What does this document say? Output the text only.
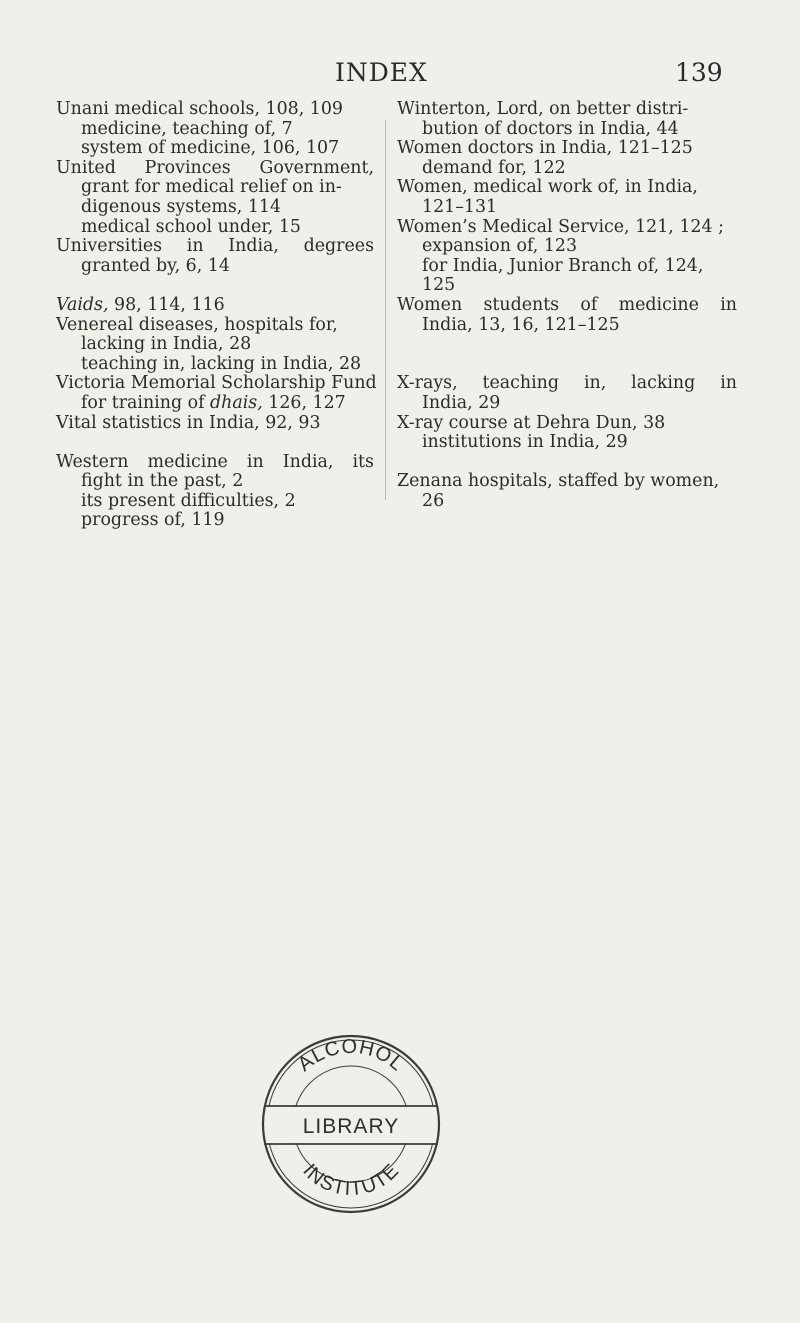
INDEX	139
Unani medical schools, 108, 109
medicine, teaching of, 7
system of medicine, 106, 107
United Provinces Government,
grant for medical relief on in-
digenous systems, 114
medical school under, 15
Universities in India, degrees
granted by, 6, 14
Vaids, 98, 114, 116
Venereal diseases, hospitals for,
lacking in India, 28
teaching in, lacking in India, 28
Victoria Memorial Scholarship Fund
for training of dhais, 126, 127
Vital statistics in India, 92, 93
Western medicine in India, its
fight in the past, 2
its present difficulties, 2
progress of, 119
Winterton, Lord, on better distri-
bution of doctors in India, 44
Women doctors in India, 121–125
demand for, 122
Women, medical work of, in India,
121–131
Women’s Medical Service, 121, 124 ;
expansion of, 123
for India, Junior Branch of, 124,
125
Women students of medicine in
India, 13, 16, 121–125
X-rays, teaching in, lacking in
India, 29
X-ray course at Dehra Dun, 38
institutions in India, 29
Zenana hospitals, staffed by women,
26
ALCOHOL
LIBRARY
INSTITUTE
